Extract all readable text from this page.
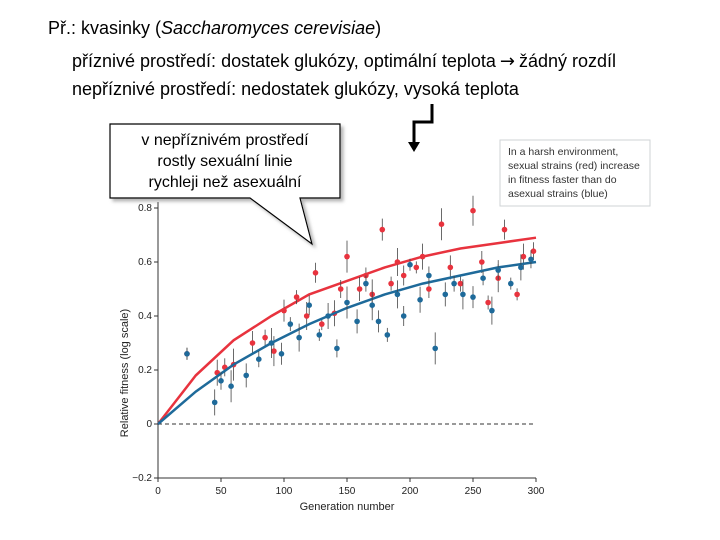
Př.: kvasinky (Saccharomyces cerevisiae)
příznivé prostředí: dostatek glukózy, optimální teplota → žádný rozdíl
nepříznivé prostředí: nedostatek glukózy, vysoká teplota
−0.2
0
0.2
0.4
0.6
0.8
0	50	100	150	200	250	300
Generation number
Relative fitness (log scale)
In a harsh environment,
sexual strains (red) increase
in fitness faster than do
asexual strains (blue)
v nepříznivém prostředí
rostly sexuální linie
rychleji než asexuální
